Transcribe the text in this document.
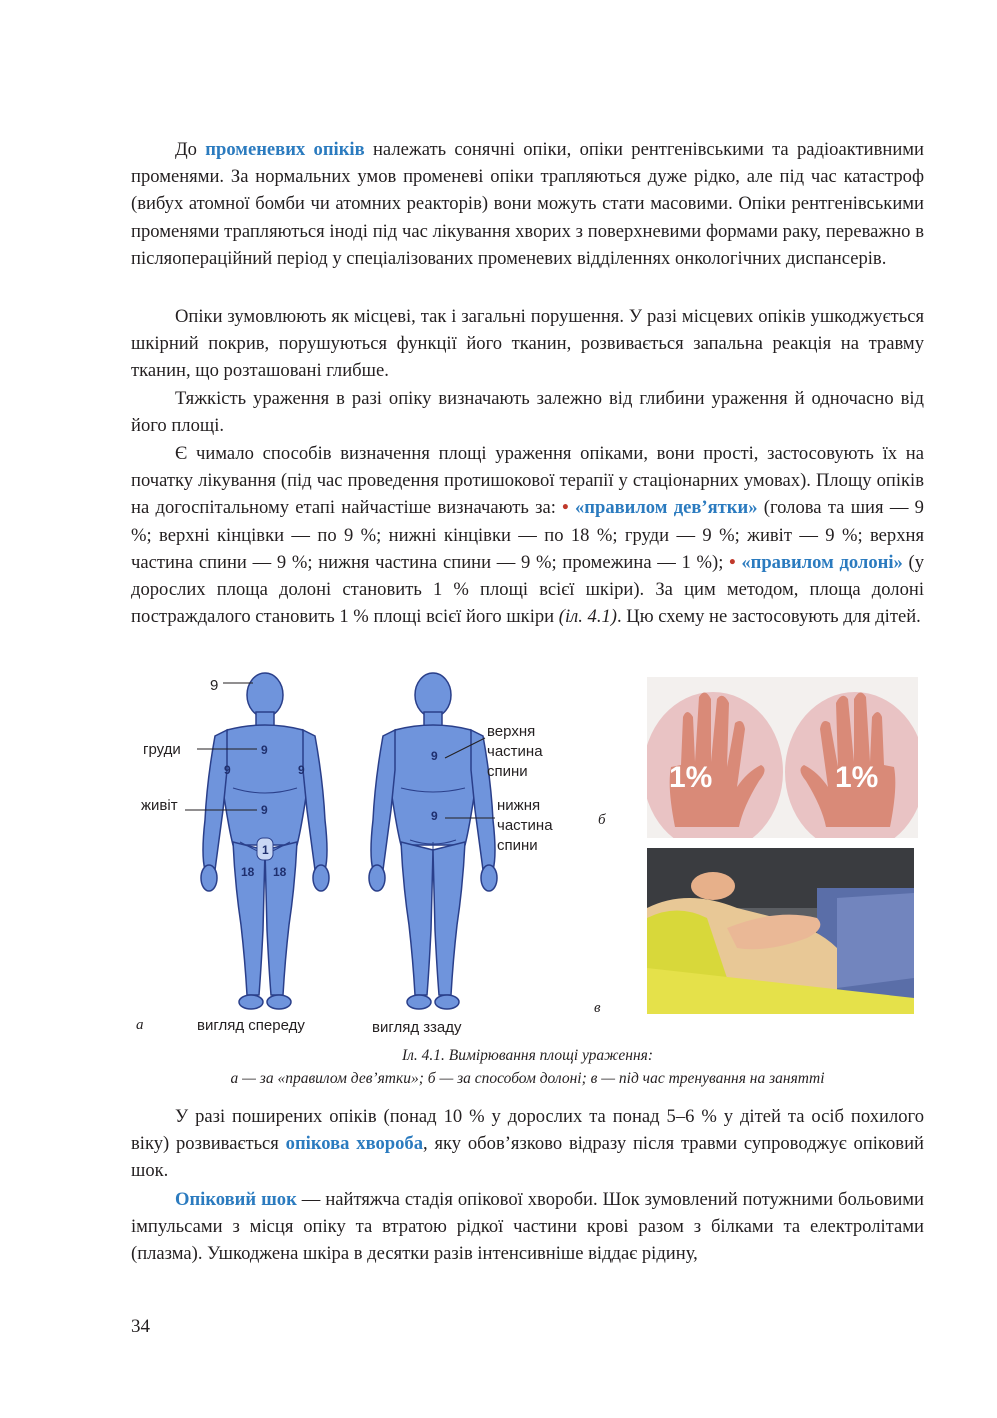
До променевих опіків належать сонячні опіки, опіки рентгенівськими та радіоактивними променями. За нормальних умов променеві опіки трапляються дуже рідко, але під час катастроф (вибух атомної бомби чи атомних реакторів) вони можуть стати масовими. Опіки рентгенівськими променями трапляються іноді під час лікування хворих з поверхневими формами раку, переважно в післяопераційний період у спеціалізованих променевих відділеннях онкологічних диспансерів.

Опіки зумовлюють як місцеві, так і загальні порушення. У разі місцевих опіків ушкоджується шкірний покрив, порушуються функції його тканин, розвивається запальна реакція на травму тканин, що розташовані глибше.

Тяжкість ураження в разі опіку визначають залежно від глибини ураження й одночасно від його площі.

Є чимало способів визначення площі ураження опіками, вони прості, застосовують їх на початку лікування (під час проведення протишокової терапії у стаціонарних умовах). Площу опіків на догоспітальному етапі найчастіше визначають за: • «правилом дев’ятки» (голова та шия — 9 %; верхні кінцівки — по 9 %; нижні кінцівки — по 18 %; груди — 9 %; живіт — 9 %; верхня частина спини — 9 %; нижня частина спини — 9 %; промежина — 1 %); • «правилом долоні» (у дорослих площа долоні становить 1 % площі всієї шкіри). За цим методом, площа долоні постраждалого становить 1 % площі всієї його шкіри (іл. 4.1). Цю схему не застосовують для дітей.

9
9	9
9
1
18 18
9
9
9
груди
живіт
верхня
частина
спини
нижня
частина
спини
вигляд спереду	вигляд ззаду
а
б
в
1%	1%
Іл. 4.1. Вимірювання площі ураження:
а — за «правилом дев’ятки»; б — за способом долоні; в — під час тренування на занятті

У разі поширених опіків (понад 10 % у дорослих та понад 5–6 % у дітей та осіб похилого віку) розвивається опікова хвороба, яку обов’язково відразу після травми супроводжує опіковий шок.

Опіковий шок — найтяжча стадія опікової хвороби. Шок зумовлений потужними больовими імпульсами з місця опіку та втратою рідкої частини крові разом з білками та електролітами (плазма). Ушкоджена шкіра в десятки разів інтенсивніше віддає рідину,

34
